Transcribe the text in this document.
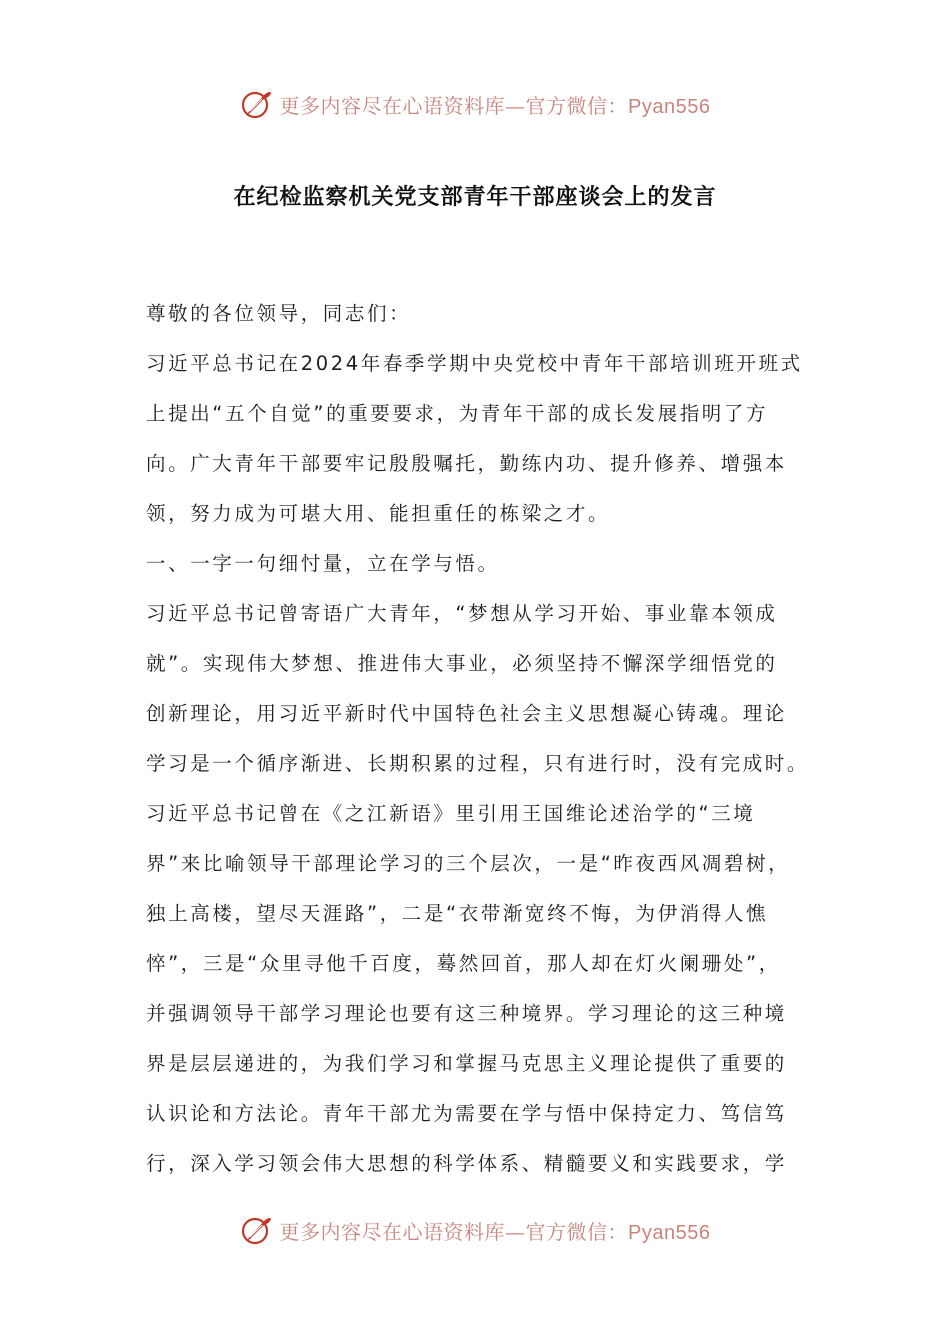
更多内容尽在心语资料库—官方微信：Pyan556
在纪检监察机关党支部青年干部座谈会上的发言
尊敬的各位领导，同志们：
习近平总书记在2024年春季学期中央党校中青年干部培训班开班式
上提出“五个自觉”的重要要求，为青年干部的成长发展指明了方
向。广大青年干部要牢记殷殷嘱托，勤练内功、提升修养、增强本
领，努力成为可堪大用、能担重任的栋梁之才。
一、一字一句细忖量，立在学与悟。
习近平总书记曾寄语广大青年，“梦想从学习开始、事业靠本领成
就”。实现伟大梦想、推进伟大事业，必须坚持不懈深学细悟党的
创新理论，用习近平新时代中国特色社会主义思想凝心铸魂。理论
学习是一个循序渐进、长期积累的过程，只有进行时，没有完成时。
习近平总书记曾在《之江新语》里引用王国维论述治学的“三境
界”来比喻领导干部理论学习的三个层次，一是“昨夜西风凋碧树，
独上高楼，望尽天涯路”，二是“衣带渐宽终不悔，为伊消得人憔
悴”，三是“众里寻他千百度，蓦然回首，那人却在灯火阑珊处”，
并强调领导干部学习理论也要有这三种境界。学习理论的这三种境
界是层层递进的，为我们学习和掌握马克思主义理论提供了重要的
认识论和方法论。青年干部尤为需要在学与悟中保持定力、笃信笃
行，深入学习领会伟大思想的科学体系、精髓要义和实践要求，学
更多内容尽在心语资料库—官方微信：Pyan556
